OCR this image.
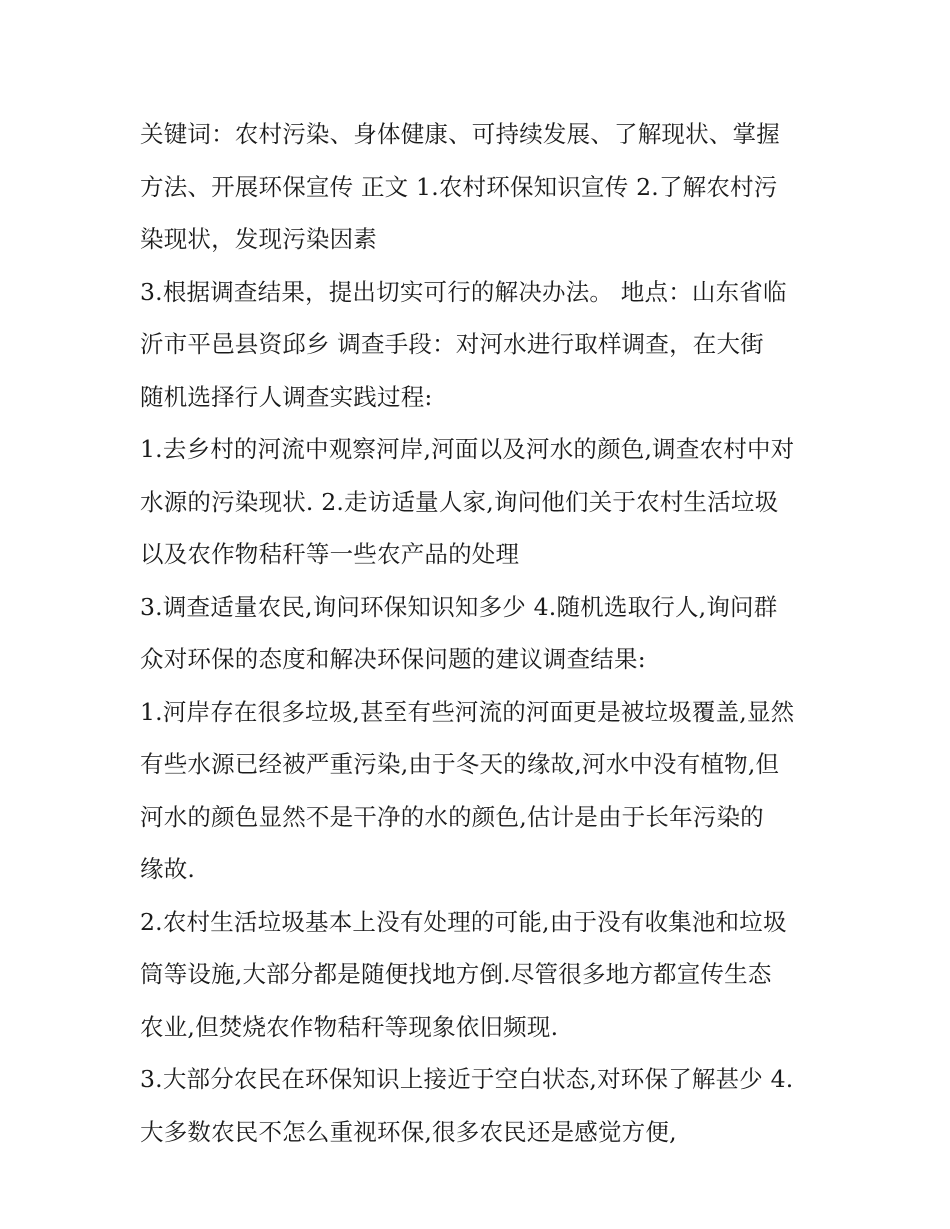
关键词：农村污染、身体健康、可持续发展、了解现状、掌握
方法、开展环保宣传 正文 1.农村环保知识宣传 2.了解农村污
染现状，发现污染因素
3.根据调查结果，提出切实可行的解决办法。 地点：山东省临
沂市平邑县资邱乡 调查手段：对河水进行取样调查，在大街
随机选择行人调查实践过程:
1.去乡村的河流中观察河岸,河面以及河水的颜色,调查农村中对
水源的污染现状. 2.走访适量人家,询问他们关于农村生活垃圾
以及农作物秸秆等一些农产品的处理
3.调查适量农民,询问环保知识知多少 4.随机选取行人,询问群
众对环保的态度和解决环保问题的建议调查结果:
1.河岸存在很多垃圾,甚至有些河流的河面更是被垃圾覆盖,显然
有些水源已经被严重污染,由于冬天的缘故,河水中没有植物,但
河水的颜色显然不是干净的水的颜色,估计是由于长年污染的
缘故.
2.农村生活垃圾基本上没有处理的可能,由于没有收集池和垃圾
筒等设施,大部分都是随便找地方倒.尽管很多地方都宣传生态
农业,但焚烧农作物秸秆等现象依旧频现.
3.大部分农民在环保知识上接近于空白状态,对环保了解甚少 4.
大多数农民不怎么重视环保,很多农民还是感觉方便,
